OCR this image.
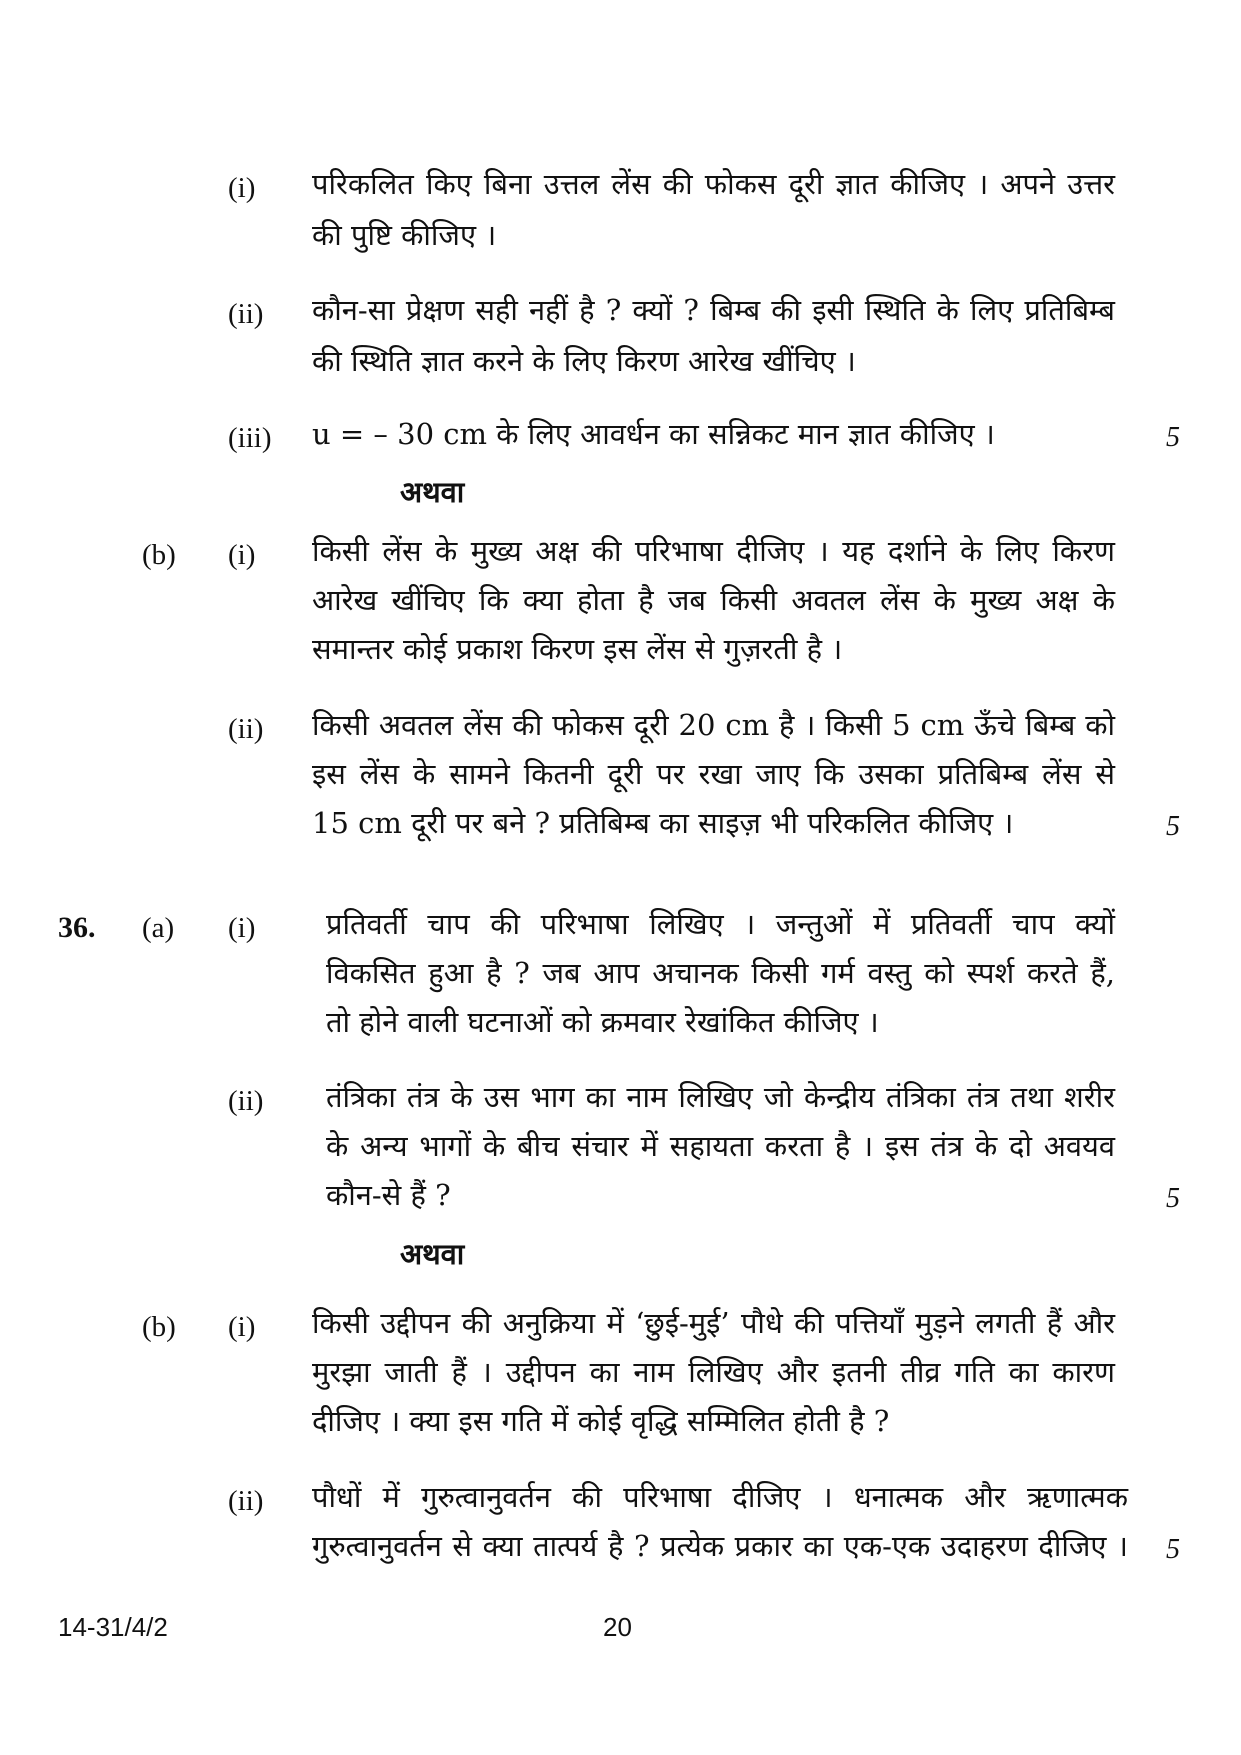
(i) परिकलित किए बिना उत्तल लेंस की फोकस दूरी ज्ञात कीजिए । अपने उत्तर
की पुष्टि कीजिए ।
(ii) कौन-सा प्रेक्षण सही नहीं है ? क्यों ? बिम्ब की इसी स्थिति के लिए प्रतिबिम्ब
की स्थिति ज्ञात करने के लिए किरण आरेख खींचिए ।
(iii) u = – 30 cm के लिए आवर्धन का सन्निकट मान ज्ञात कीजिए ।	5
अथवा
(b) (i) किसी लेंस के मुख्य अक्ष की परिभाषा दीजिए । यह दर्शाने के लिए किरण
आरेख खींचिए कि क्या होता है जब किसी अवतल लेंस के मुख्य अक्ष के
समान्तर कोई प्रकाश किरण इस लेंस से गुज़रती है ।
(ii) किसी अवतल लेंस की फोकस दूरी 20 cm है । किसी 5 cm ऊँचे बिम्ब को
इस लेंस के सामने कितनी दूरी पर रखा जाए कि उसका प्रतिबिम्ब लेंस से
15 cm दूरी पर बने ? प्रतिबिम्ब का साइज़ भी परिकलित कीजिए ।	5
36. (a) (i) प्रतिवर्ती चाप की परिभाषा लिखिए । जन्तुओं में प्रतिवर्ती चाप क्यों
विकसित हुआ है ? जब आप अचानक किसी गर्म वस्तु को स्पर्श करते हैं,
तो होने वाली घटनाओं को क्रमवार रेखांकित कीजिए ।
(ii) तंत्रिका तंत्र के उस भाग का नाम लिखिए जो केन्द्रीय तंत्रिका तंत्र तथा शरीर
के अन्य भागों के बीच संचार में सहायता करता है । इस तंत्र के दो अवयव
कौन-से हैं ?	5
अथवा
(b) (i) किसी उद्दीपन की अनुक्रिया में ‘छुई-मुई’ पौधे की पत्तियाँ मुड़ने लगती हैं और
मुरझा जाती हैं । उद्दीपन का नाम लिखिए और इतनी तीव्र गति का कारण
दीजिए । क्या इस गति में कोई वृद्धि सम्मिलित होती है ?
(ii) पौधों में गुरुत्वानुवर्तन की परिभाषा दीजिए । धनात्मक और ऋणात्मक
गुरुत्वानुवर्तन से क्या तात्पर्य है ? प्रत्येक प्रकार का एक-एक उदाहरण दीजिए । 5
14-31/4/2	20
